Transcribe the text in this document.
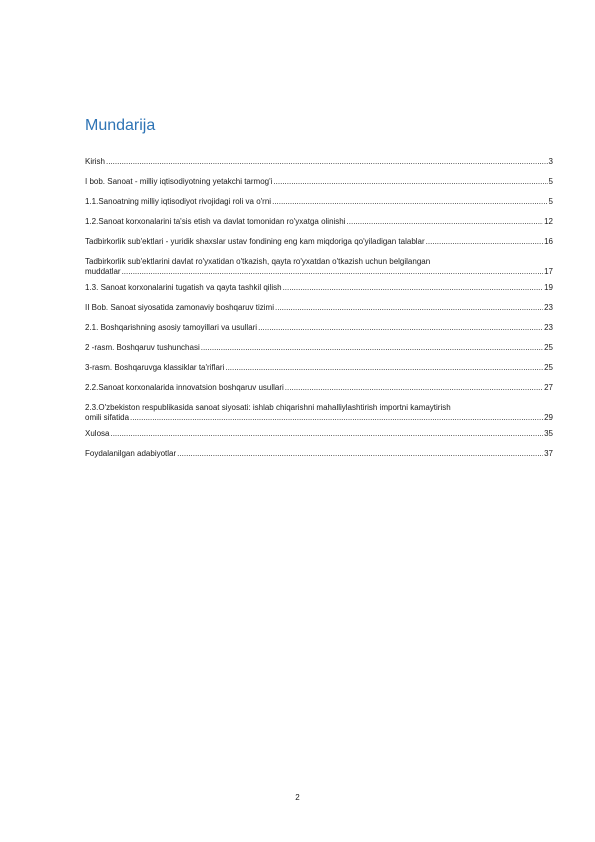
Mundarija
Kirish .....	3
I bob. Sanoat - milliy iqtisodiyotning yetakchi tarmog'i .....	5
1.1.Sanoatning milliy iqtisodiyot rivojidagi roli va o'rni .....	5
1.2.Sanoat korxonalarini ta'sis etish va davlat tomonidan ro'yxatga olinishi .....	12
Tadbirkorlik sub'ektlari - yuridik shaxslar ustav fondining eng kam miqdoriga qo'yiladigan talablar .....	16
Tadbirkorlik sub'ektlarini davlat ro'yxatidan o'tkazish, qayta ro'yxatdan o'tkazish uchun belgilangan
muddatlar .....	17
1.3. Sanoat korxonalarini tugatish va qayta tashkil qilish .....	19
II Bob. Sanoat siyosatida zamonaviy boshqaruv tizimi .....	23
2.1. Boshqarishning asosiy tamoyillari va usullari .....	23
2 -rasm. Boshqaruv tushunchasi .....	25
3-rasm. Boshqaruvga klassiklar ta'riflari .....	25
2.2.Sanoat korxonalarida innovatsion boshqaruv usullari .....	27
2.3.O'zbekiston respublikasida sanoat siyosati: ishlab chiqarishni mahalliylashtirish importni kamaytirish
omili sifatida .....	29
Xulosa .....	35
Foydalanilgan adabiyotlar .....	37
2
